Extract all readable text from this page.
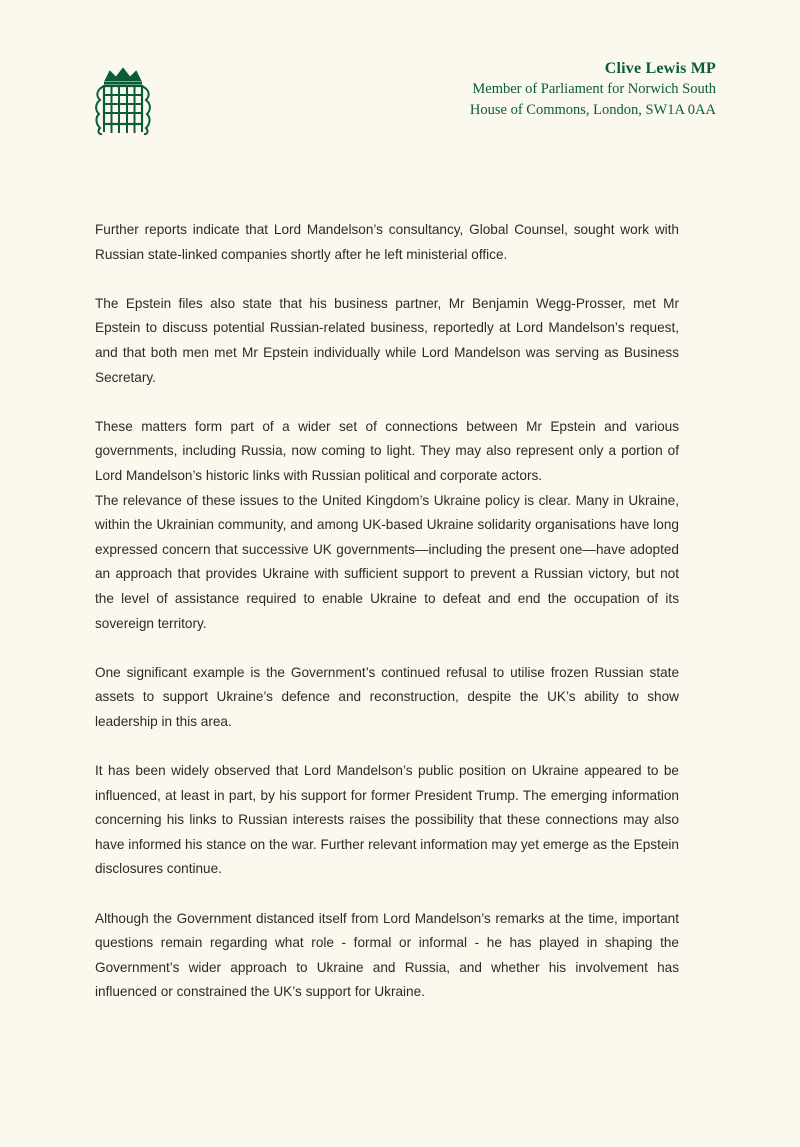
Clive Lewis MP
Member of Parliament for Norwich South
House of Commons, London, SW1A 0AA

Further reports indicate that Lord Mandelson’s consultancy, Global Counsel, sought work with Russian state-linked companies shortly after he left ministerial office.

The Epstein files also state that his business partner, Mr Benjamin Wegg-Prosser, met Mr Epstein to discuss potential Russian-related business, reportedly at Lord Mandelson’s request, and that both men met Mr Epstein individually while Lord Mandelson was serving as Business Secretary.

These matters form part of a wider set of connections between Mr Epstein and various governments, including Russia, now coming to light. They may also represent only a portion of Lord Mandelson’s historic links with Russian political and corporate actors.

The relevance of these issues to the United Kingdom’s Ukraine policy is clear. Many in Ukraine, within the Ukrainian community, and among UK-based Ukraine solidarity organisations have long expressed concern that successive UK governments—including the present one—have adopted an approach that provides Ukraine with sufficient support to prevent a Russian victory, but not the level of assistance required to enable Ukraine to defeat and end the occupation of its sovereign territory.

One significant example is the Government’s continued refusal to utilise frozen Russian state assets to support Ukraine’s defence and reconstruction, despite the UK’s ability to show leadership in this area.

It has been widely observed that Lord Mandelson’s public position on Ukraine appeared to be influenced, at least in part, by his support for former President Trump. The emerging information concerning his links to Russian interests raises the possibility that these connections may also have informed his stance on the war. Further relevant information may yet emerge as the Epstein disclosures continue.

Although the Government distanced itself from Lord Mandelson’s remarks at the time, important questions remain regarding what role - formal or informal - he has played in shaping the Government’s wider approach to Ukraine and Russia, and whether his involvement has influenced or constrained the UK’s support for Ukraine.
